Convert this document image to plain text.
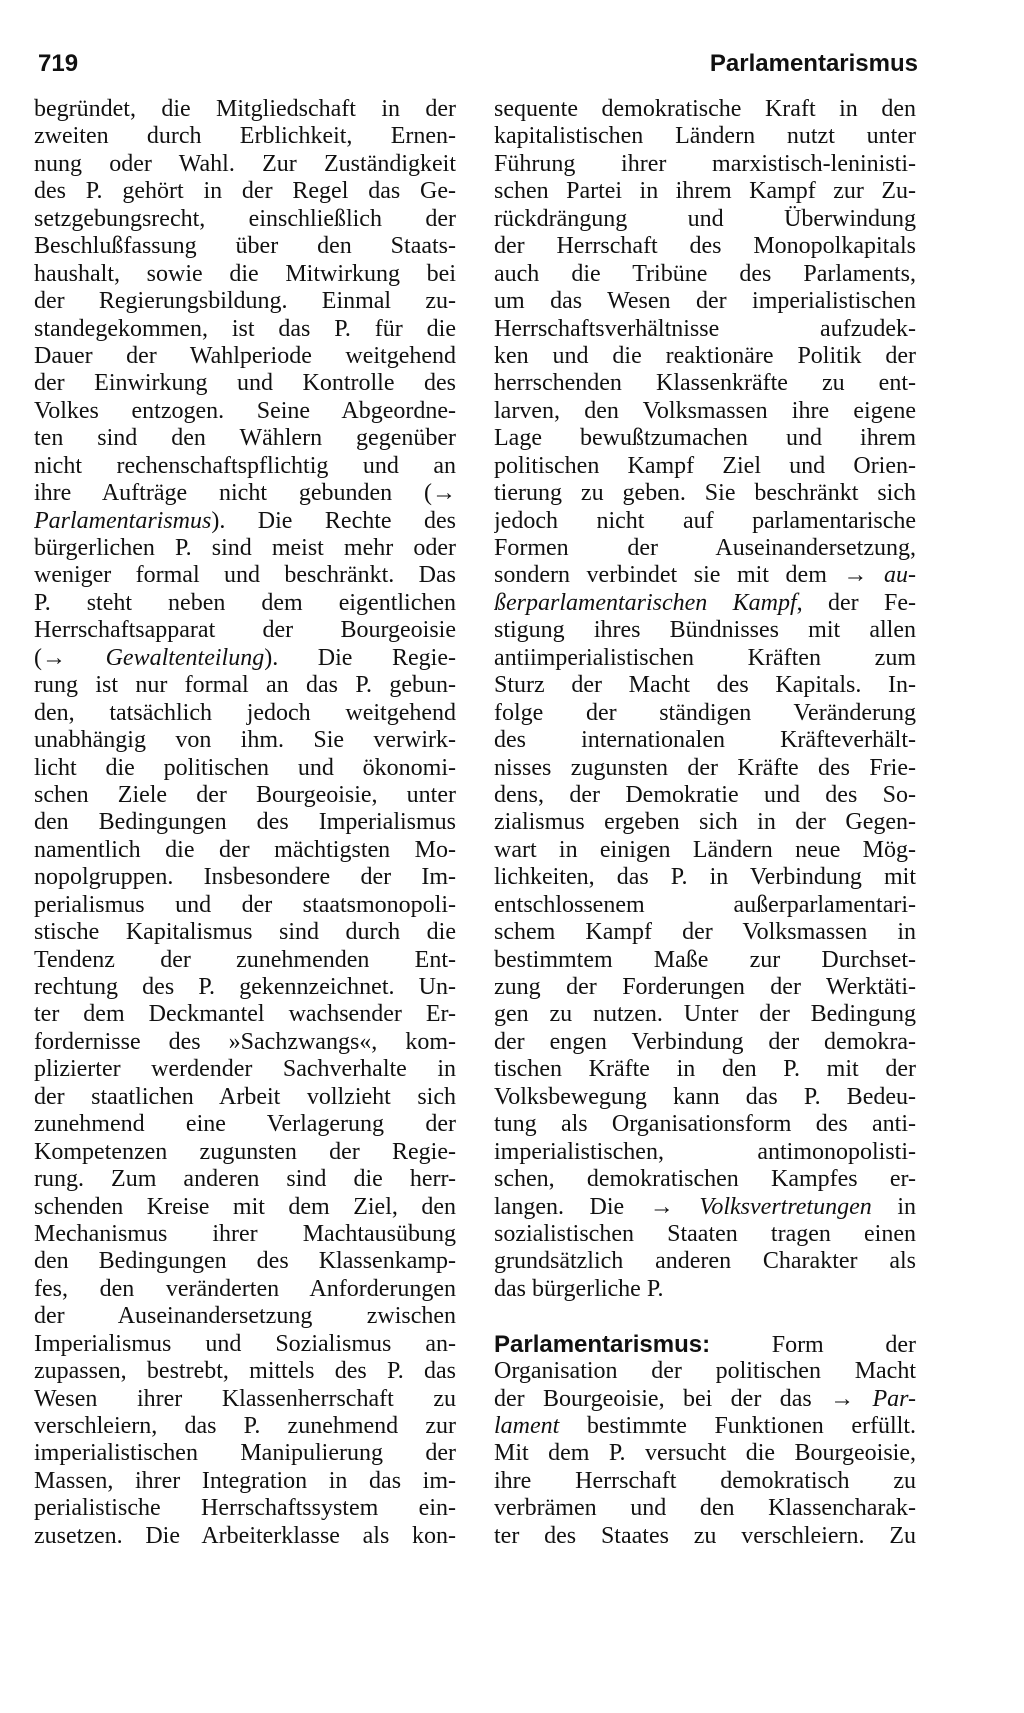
719	Parlamentarismus
begründet, die Mitgliedschaft in der
zweiten durch Erblichkeit, Ernen-
nung oder Wahl. Zur Zuständigkeit
des P. gehört in der Regel das Ge-
setzgebungsrecht, einschließlich der
Beschlußfassung über den Staats-
haushalt, sowie die Mitwirkung bei
der Regierungsbildung. Einmal zu-
standegekommen, ist das P. für die
Dauer der Wahlperiode weitgehend
der Einwirkung und Kontrolle des
Volkes entzogen. Seine Abgeordne-
ten sind den Wählern gegenüber
nicht rechenschaftspflichtig und an
ihre Aufträge nicht gebunden (→
Parlamentarismus). Die Rechte des
bürgerlichen P. sind meist mehr oder
weniger formal und beschränkt. Das
P. steht neben dem eigentlichen
Herrschaftsapparat der Bourgeoisie
(→ Gewaltenteilung). Die Regie-
rung ist nur formal an das P. gebun-
den, tatsächlich jedoch weitgehend
unabhängig von ihm. Sie verwirk-
licht die politischen und ökonomi-
schen Ziele der Bourgeoisie, unter
den Bedingungen des Imperialismus
namentlich die der mächtigsten Mo-
nopolgruppen. Insbesondere der Im-
perialismus und der staatsmonopoli-
stische Kapitalismus sind durch die
Tendenz der zunehmenden Ent-
rechtung des P. gekennzeichnet. Un-
ter dem Deckmantel wachsender Er-
fordernisse des »Sachzwangs«, kom-
plizierter werdender Sachverhalte in
der staatlichen Arbeit vollzieht sich
zunehmend eine Verlagerung der
Kompetenzen zugunsten der Regie-
rung. Zum anderen sind die herr-
schenden Kreise mit dem Ziel, den
Mechanismus ihrer Machtausübung
den Bedingungen des Klassenkamp-
fes, den veränderten Anforderungen
der Auseinandersetzung zwischen
Imperialismus und Sozialismus an-
zupassen, bestrebt, mittels des P. das
Wesen ihrer Klassenherrschaft zu
verschleiern, das P. zunehmend zur
imperialistischen Manipulierung der
Massen, ihrer Integration in das im-
perialistische Herrschaftssystem ein-
zusetzen. Die Arbeiterklasse als kon-
sequente demokratische Kraft in den
kapitalistischen Ländern nutzt unter
Führung ihrer marxistisch-leninisti-
schen Partei in ihrem Kampf zur Zu-
rückdrängung und Überwindung
der Herrschaft des Monopolkapitals
auch die Tribüne des Parlaments,
um das Wesen der imperialistischen
Herrschaftsverhältnisse aufzudek-
ken und die reaktionäre Politik der
herrschenden Klassenkräfte zu ent-
larven, den Volksmassen ihre eigene
Lage bewußtzumachen und ihrem
politischen Kampf Ziel und Orien-
tierung zu geben. Sie beschränkt sich
jedoch nicht auf parlamentarische
Formen der Auseinandersetzung,
sondern verbindet sie mit dem → au-
ßerparlamentarischen Kampf, der Fe-
stigung ihres Bündnisses mit allen
antiimperialistischen Kräften zum
Sturz der Macht des Kapitals. In-
folge der ständigen Veränderung
des internationalen Kräfteverhält-
nisses zugunsten der Kräfte des Frie-
dens, der Demokratie und des So-
zialismus ergeben sich in der Gegen-
wart in einigen Ländern neue Mög-
lichkeiten, das P. in Verbindung mit
entschlossenem außerparlamentari-
schem Kampf der Volksmassen in
bestimmtem Maße zur Durchset-
zung der Forderungen der Werktäti-
gen zu nutzen. Unter der Bedingung
der engen Verbindung der demokra-
tischen Kräfte in den P. mit der
Volksbewegung kann das P. Bedeu-
tung als Organisationsform des anti-
imperialistischen, antimonopolisti-
schen, demokratischen Kampfes er-
langen. Die → Volksvertretungen in
sozialistischen Staaten tragen einen
grundsätzlich anderen Charakter als
das bürgerliche P.
Parlamentarismus: Form der
Organisation der politischen Macht
der Bourgeoisie, bei der das → Par-
lament bestimmte Funktionen erfüllt.
Mit dem P. versucht die Bourgeoisie,
ihre Herrschaft demokratisch zu
verbrämen und den Klassencharak-
ter des Staates zu verschleiern. Zu
